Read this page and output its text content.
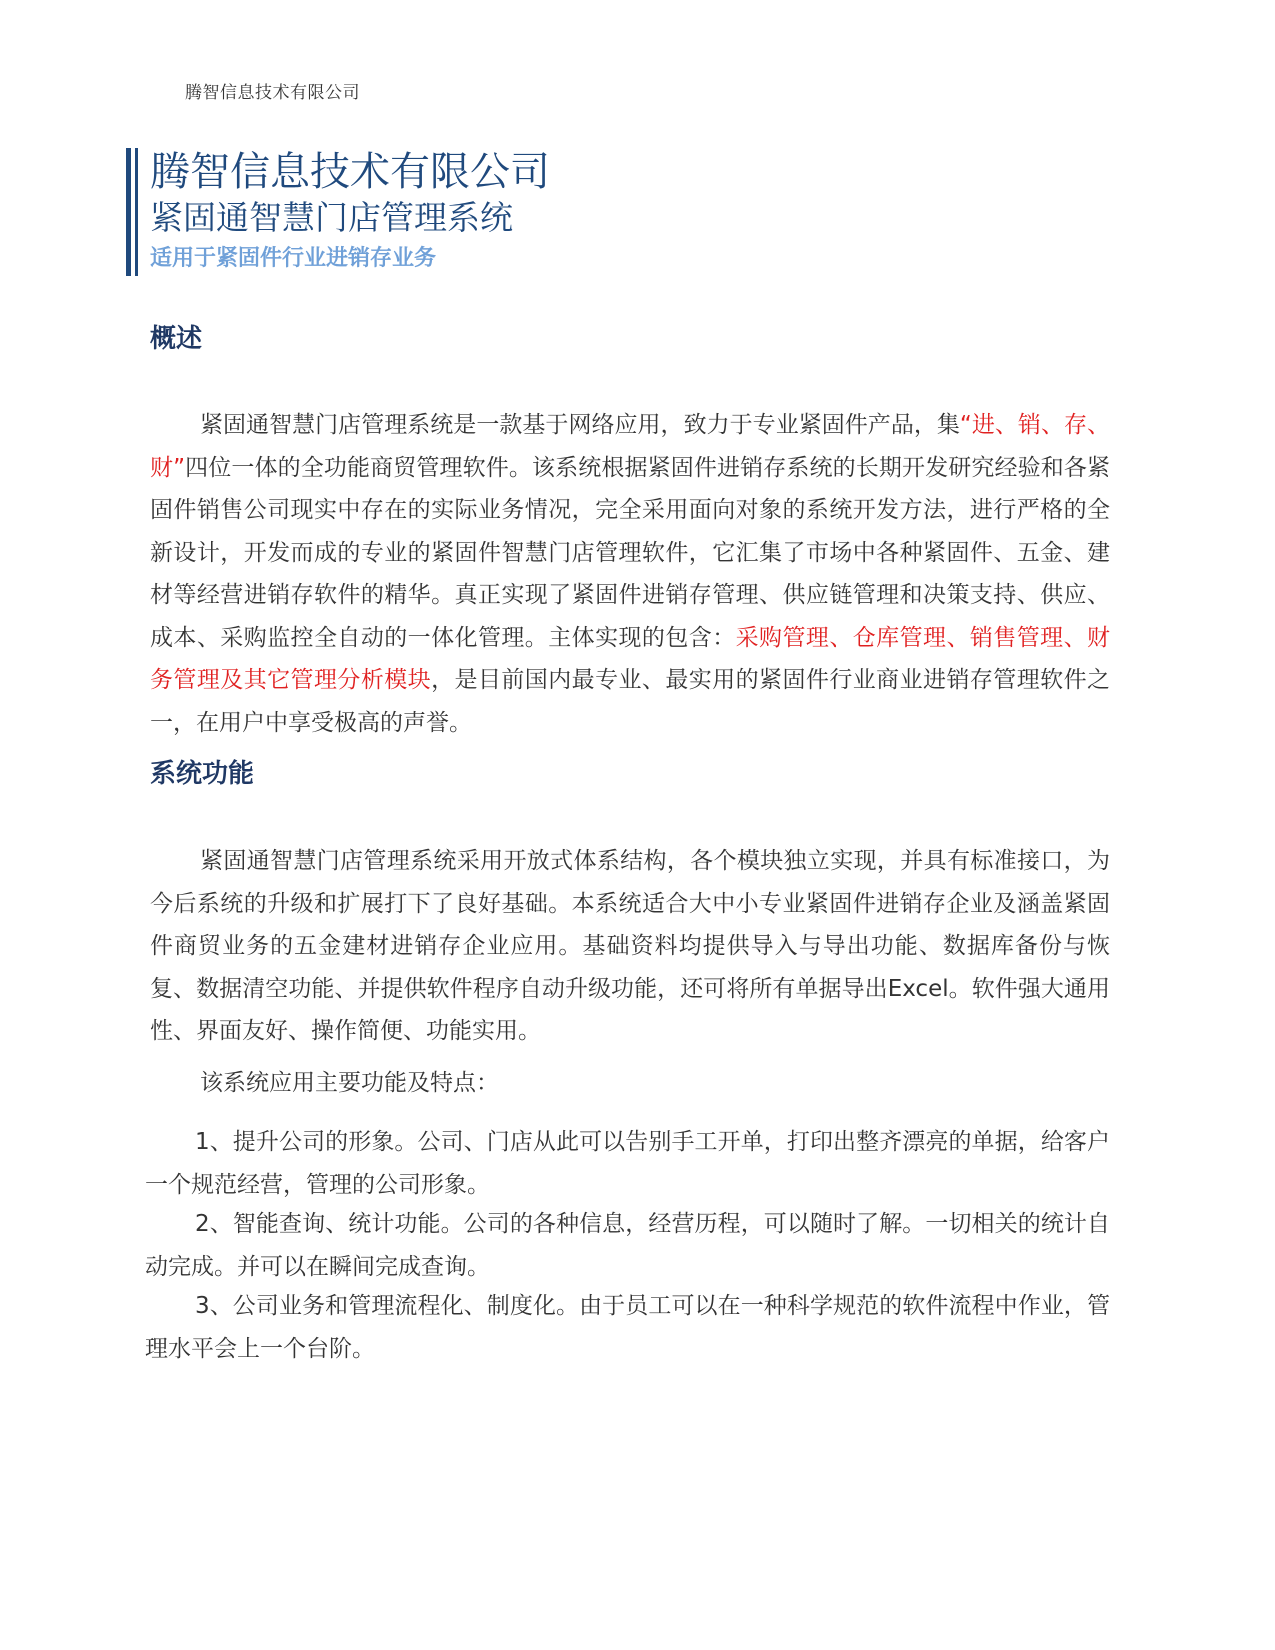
腾智信息技术有限公司
腾智信息技术有限公司
紧固通智慧门店管理系统
适用于紧固件行业进销存业务
概述
紧固通智慧门店管理系统是一款基于网络应用，致力于专业紧固件产品，集“进、销、存、财”四位一体的全功能商贸管理软件。该系统根据紧固件进销存系统的长期开发研究经验和各紧固件销售公司现实中存在的实际业务情况，完全采用面向对象的系统开发方法，进行严格的全新设计，开发而成的专业的紧固件智慧门店管理软件，它汇集了市场中各种紧固件、五金、建材等经营进销存软件的精华。真正实现了紧固件进销存管理、供应链管理和决策支持、供应、成本、采购监控全自动的一体化管理。主体实现的包含：采购管理、仓库管理、销售管理、财务管理及其它管理分析模块，是目前国内最专业、最实用的紧固件行业商业进销存管理软件之一，在用户中享受极高的声誉。
系统功能
紧固通智慧门店管理系统采用开放式体系结构，各个模块独立实现，并具有标准接口，为今后系统的升级和扩展打下了良好基础。本系统适合大中小专业紧固件进销存企业及涵盖紧固件商贸业务的五金建材进销存企业应用。基础资料均提供导入与导出功能、数据库备份与恢复、数据清空功能、并提供软件程序自动升级功能，还可将所有单据导出Excel。软件强大通用性、界面友好、操作简便、功能实用。
该系统应用主要功能及特点：
1、提升公司的形象。公司、门店从此可以告别手工开单，打印出整齐漂亮的单据，给客户一个规范经营，管理的公司形象。
2、智能查询、统计功能。公司的各种信息，经营历程，可以随时了解。一切相关的统计自动完成。并可以在瞬间完成查询。
3、公司业务和管理流程化、制度化。由于员工可以在一种科学规范的软件流程中作业，管理水平会上一个台阶。
